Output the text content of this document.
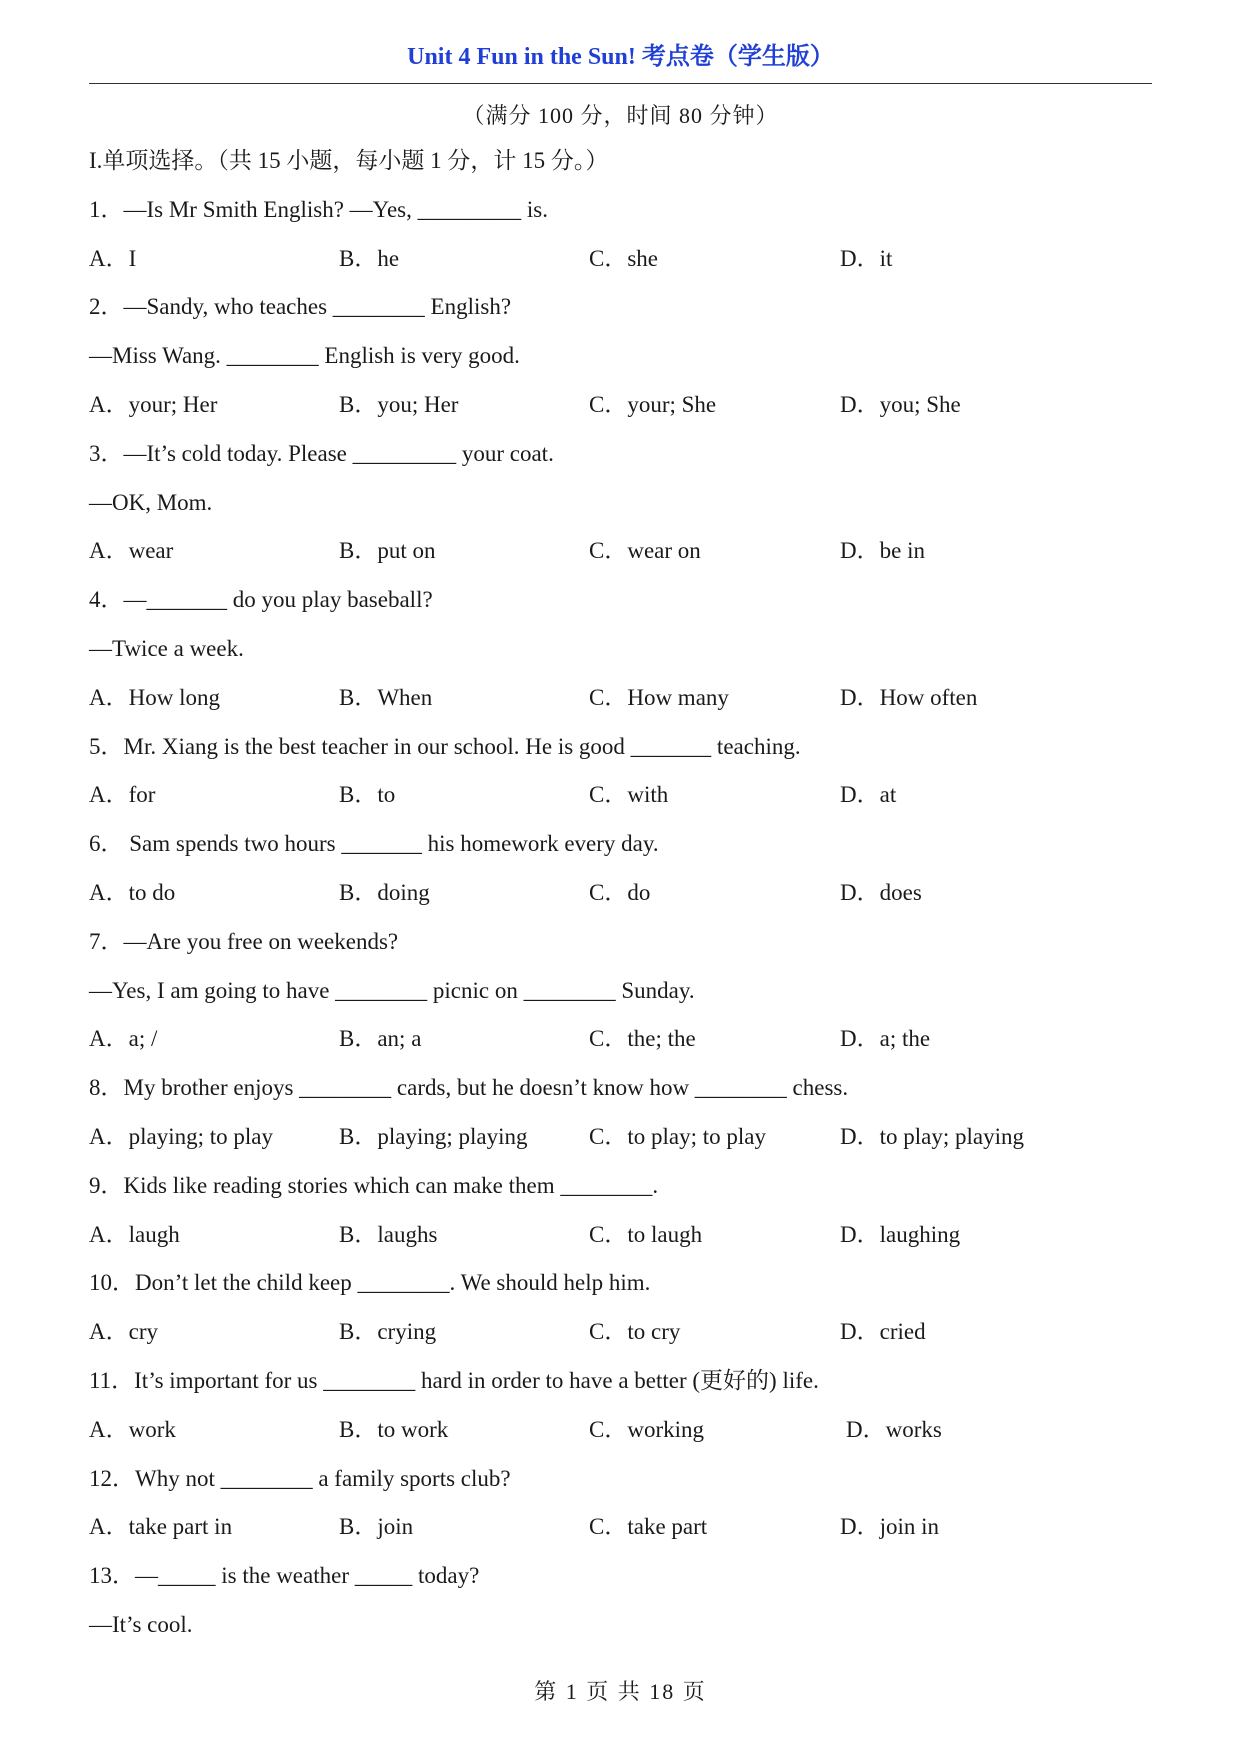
Unit 4 Fun in the Sun! 考点卷（学生版）
（满分 100 分，时间 80 分钟）
I.单项选择。（共 15 小题，每小题 1 分，计 15 分。）
1．—Is Mr Smith English? —Yes, _________ is.
A．I	B．he	C．she	D．it
2．—Sandy, who teaches ________ English?
—Miss Wang. ________ English is very good.
A．your; Her	B．you; Her	C．your; She	D．you; She
3．—It’s cold today. Please _________ your coat.
—OK, Mom.
A．wear	B．put on	C．wear on	D．be in
4．—_______ do you play baseball?
—Twice a week.
A．How long	B．When	C．How many	D．How often
5．Mr. Xiang is the best teacher in our school. He is good _______ teaching.
A．for	B．to	C．with	D．at
6． Sam spends two hours _______ his homework every day.
A．to do	B．doing	C．do	D．does
7．—Are you free on weekends?
—Yes, I am going to have ________ picnic on ________ Sunday.
A．a; /	B．an; a	C．the; the	D．a; the
8．My brother enjoys ________ cards, but he doesn’t know how ________ chess.
A．playing; to play	B．playing; playing	C．to play; to play	D．to play; playing
9．Kids like reading stories which can make them ________.
A．laugh	B．laughs	C．to laugh	D．laughing
10．Don’t let the child keep ________. We should help him.
A．cry	B．crying	C．to cry	D．cried
11．It’s important for us ________ hard in order to have a better (更好的) life.
A．work	B．to work	C．working	D．works
12．Why not ________ a family sports club?
A．take part in	B．join	C．take part	D．join in
13．—_____ is the weather _____ today?
—It’s cool.
第 1 页 共 18 页
